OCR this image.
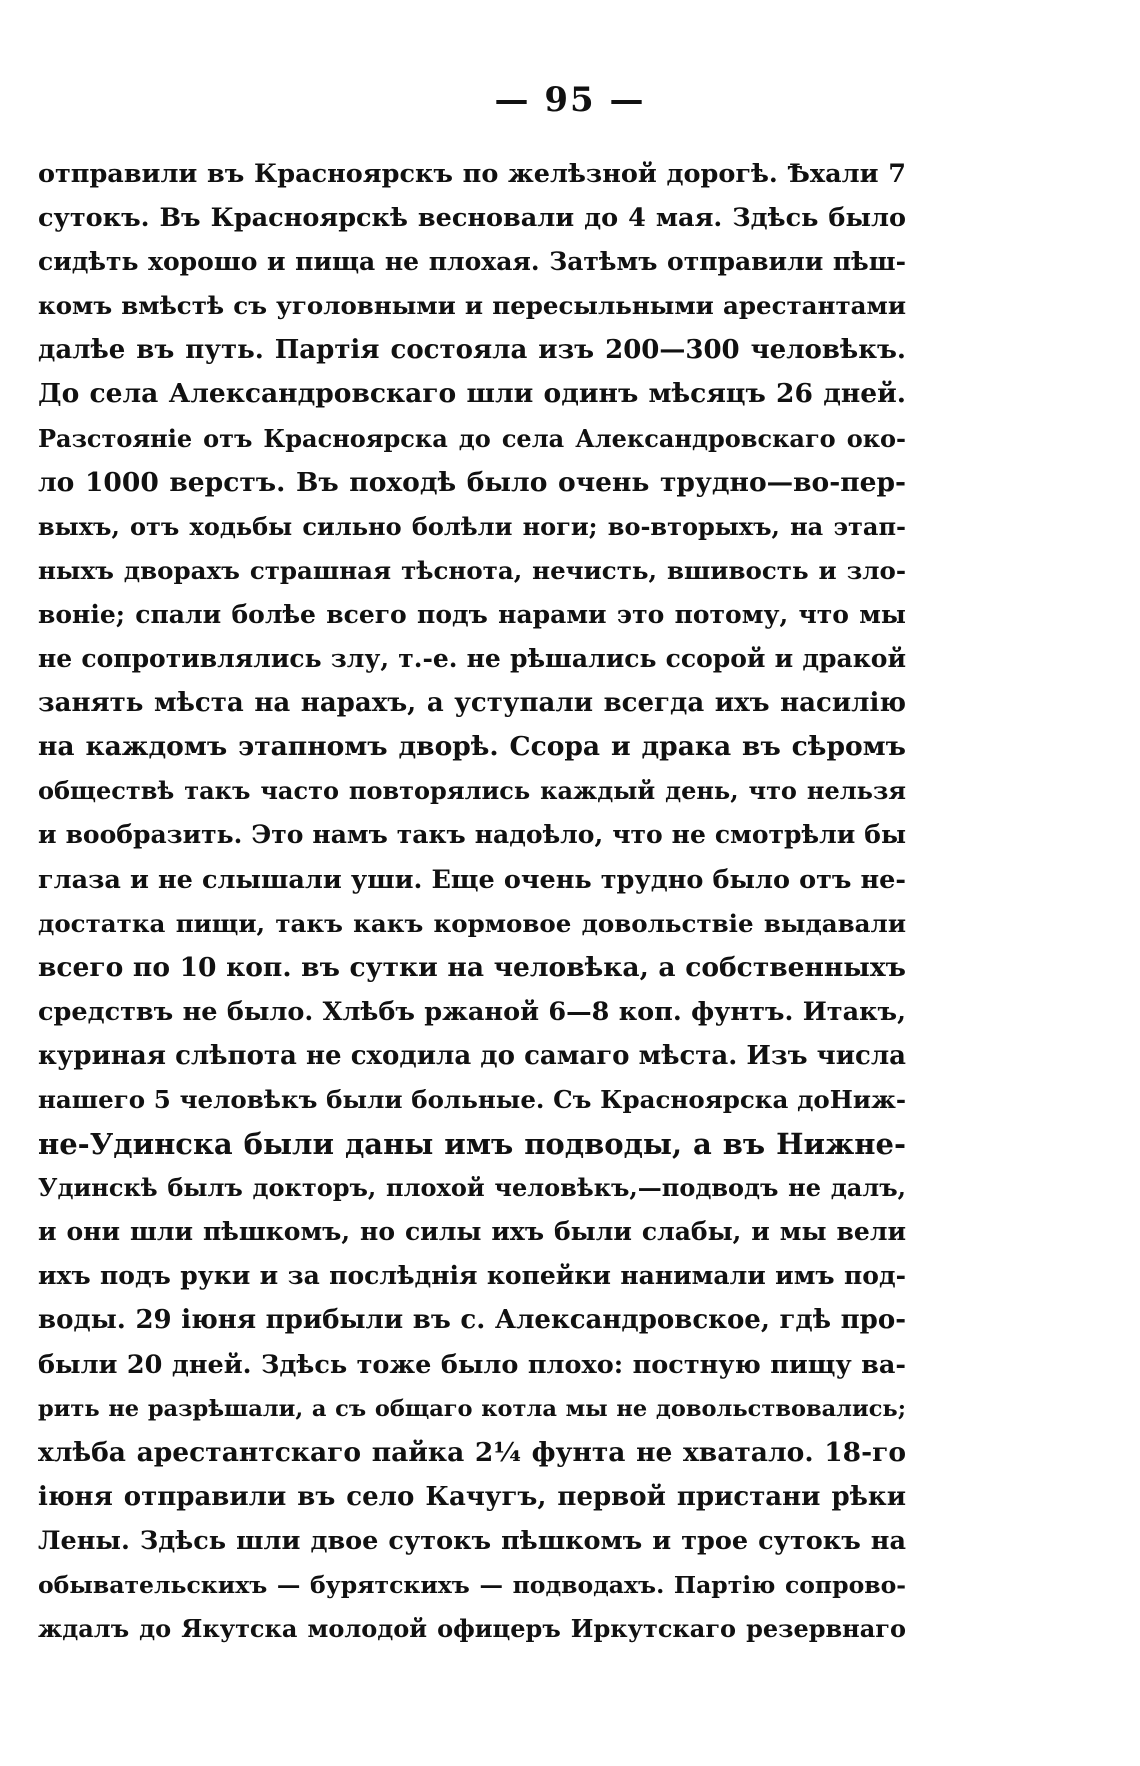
— 95 —
отправили въ Красноярскъ по желѣзной дорогѣ. Ѣхали 7
сутокъ. Въ Красноярскѣ весновали до 4 мая. Здѣсь было
сидѣть хорошо и пища не плохая. Затѣмъ отправили пѣш-
комъ вмѣстѣ съ уголовными и пересыльными арестантами
далѣе въ путь. Партія состояла изъ 200—300 человѣкъ.
До села Александровскаго шли одинъ мѣсяцъ 26 дней.
Разстояніе отъ Красноярска до села Александровскаго око-
ло 1000 верстъ. Въ походѣ было очень трудно—во-пер-
выхъ, отъ ходьбы сильно болѣли ноги; во-вторыхъ, на этап-
ныхъ дворахъ страшная тѣснота, нечисть, вшивость и зло-
воніе; спали болѣе всего подъ нарами это потому, что мы
не сопротивлялись злу, т.-е. не рѣшались ссорой и дракой
занять мѣста на нарахъ, а уступали всегда ихъ насилію
на каждомъ этапномъ дворѣ. Ссора и драка въ сѣромъ
обществѣ такъ часто повторялись каждый день, что нельзя
и вообразить. Это намъ такъ надоѣло, что не смотрѣли бы
глаза и не слышали уши. Еще очень трудно было отъ не-
достатка пищи, такъ какъ кормовое довольствіе выдавали
всего по 10 коп. въ сутки на человѣка, а собственныхъ
средствъ не было. Хлѣбъ ржаной 6—8 коп. фунтъ. Итакъ,
куриная слѣпота не сходила до самаго мѣста. Изъ числа
нашего 5 человѣкъ были больные. Съ Красноярска доНиж-
не-Удинска были даны имъ подводы, а въ Нижне-
Удинскѣ былъ докторъ, плохой человѣкъ,—подводъ не далъ,
и они шли пѣшкомъ, но силы ихъ были слабы, и мы вели
ихъ подъ руки и за послѣднія копейки нанимали имъ под-
воды. 29 іюня прибыли въ с. Александровское, гдѣ про-
были 20 дней. Здѣсь тоже было плохо: постную пищу ва-
рить не разрѣшали, а съ общаго котла мы не довольствовались;
хлѣба арестантскаго пайка 2¼ фунта не хватало. 18-го
іюня отправили въ село Качугъ, первой пристани рѣки
Лены. Здѣсь шли двое сутокъ пѣшкомъ и трое сутокъ на
обывательскихъ — бурятскихъ — подводахъ. Партію сопрово-
ждалъ до Якутска молодой офицеръ Иркутскаго резервнаго
